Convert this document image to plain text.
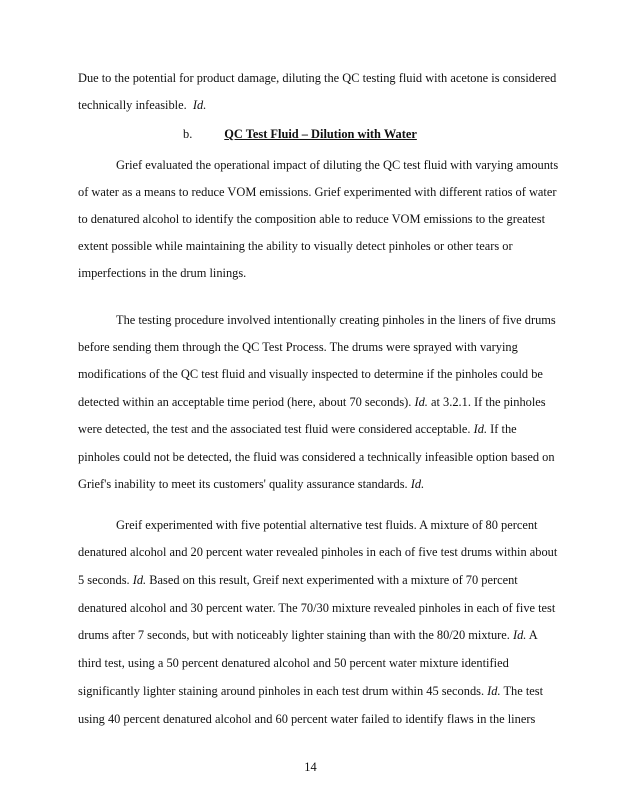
Due to the potential for product damage, diluting the QC testing fluid with acetone is considered

technically infeasible. Id.

b.	QC Test Fluid – Dilution with Water

Grief evaluated the operational impact of diluting the QC test fluid with varying amounts

of water as a means to reduce VOM emissions. Grief experimented with different ratios of water

to denatured alcohol to identify the composition able to reduce VOM emissions to the greatest

extent possible while maintaining the ability to visually detect pinholes or other tears or

imperfections in the drum linings.

The testing procedure involved intentionally creating pinholes in the liners of five drums

before sending them through the QC Test Process. The drums were sprayed with varying

modifications of the QC test fluid and visually inspected to determine if the pinholes could be

detected within an acceptable time period (here, about 70 seconds). Id. at 3.2.1. If the pinholes

were detected, the test and the associated test fluid were considered acceptable. Id. If the

pinholes could not be detected, the fluid was considered a technically infeasible option based on

Grief's inability to meet its customers' quality assurance standards. Id.

Greif experimented with five potential alternative test fluids. A mixture of 80 percent

denatured alcohol and 20 percent water revealed pinholes in each of five test drums within about

5 seconds. Id. Based on this result, Greif next experimented with a mixture of 70 percent

denatured alcohol and 30 percent water. The 70/30 mixture revealed pinholes in each of five test

drums after 7 seconds, but with noticeably lighter staining than with the 80/20 mixture. Id. A

third test, using a 50 percent denatured alcohol and 50 percent water mixture identified

significantly lighter staining around pinholes in each test drum within 45 seconds. Id. The test

using 40 percent denatured alcohol and 60 percent water failed to identify flaws in the liners

14
